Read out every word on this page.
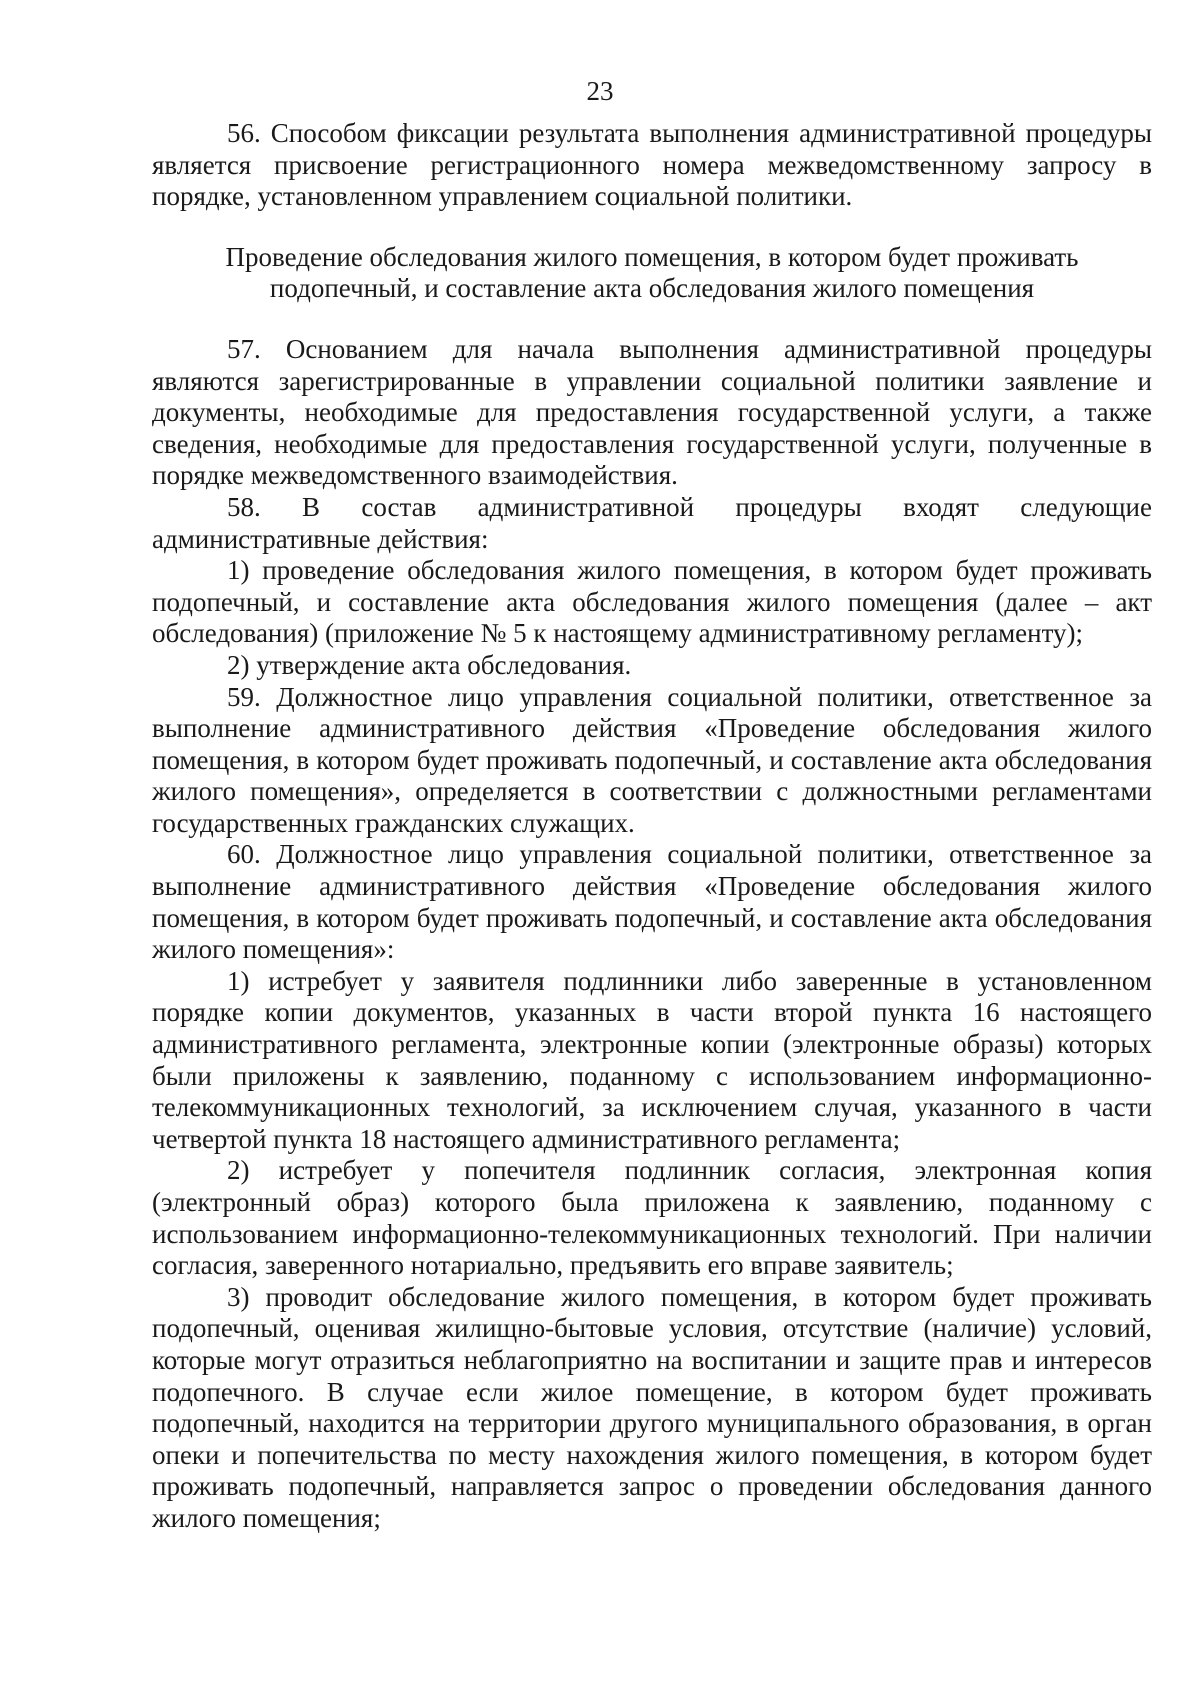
23

56. Способом фиксации результата выполнения административной процедуры является присвоение регистрационного номера межведомственному запросу в порядке, установленном управлением социальной политики.

Проведение обследования жилого помещения, в котором будет проживать подопечный, и составление акта обследования жилого помещения

57. Основанием для начала выполнения административной процедуры являются зарегистрированные в управлении социальной политики заявление и документы, необходимые для предоставления государственной услуги, а также сведения, необходимые для предоставления государственной услуги, полученные в порядке межведомственного взаимодействия.

58. В состав административной процедуры входят следующие административные действия:

1) проведение обследования жилого помещения, в котором будет проживать подопечный, и составление акта обследования жилого помещения (далее – акт обследования) (приложение № 5 к настоящему административному регламенту);

2) утверждение акта обследования.

59. Должностное лицо управления социальной политики, ответственное за выполнение административного действия «Проведение обследования жилого помещения, в котором будет проживать подопечный, и составление акта обследования жилого помещения», определяется в соответствии с должностными регламентами государственных гражданских служащих.

60. Должностное лицо управления социальной политики, ответственное за выполнение административного действия «Проведение обследования жилого помещения, в котором будет проживать подопечный, и составление акта обследования жилого помещения»:

1) истребует у заявителя подлинники либо заверенные в установленном порядке копии документов, указанных в части второй пункта 16 настоящего административного регламента, электронные копии (электронные образы) которых были приложены к заявлению, поданному с использованием информационно-телекоммуникационных технологий, за исключением случая, указанного в части четвертой пункта 18 настоящего административного регламента;

2) истребует у попечителя подлинник согласия, электронная копия (электронный образ) которого была приложена к заявлению, поданному с использованием информационно-телекоммуникационных технологий. При наличии согласия, заверенного нотариально, предъявить его вправе заявитель;

3) проводит обследование жилого помещения, в котором будет проживать подопечный, оценивая жилищно-бытовые условия, отсутствие (наличие) условий, которые могут отразиться неблагоприятно на воспитании и защите прав и интересов подопечного. В случае если жилое помещение, в котором будет проживать подопечный, находится на территории другого муниципального образования, в орган опеки и попечительства по месту нахождения жилого помещения, в котором будет проживать подопечный, направляется запрос о проведении обследования данного жилого помещения;
